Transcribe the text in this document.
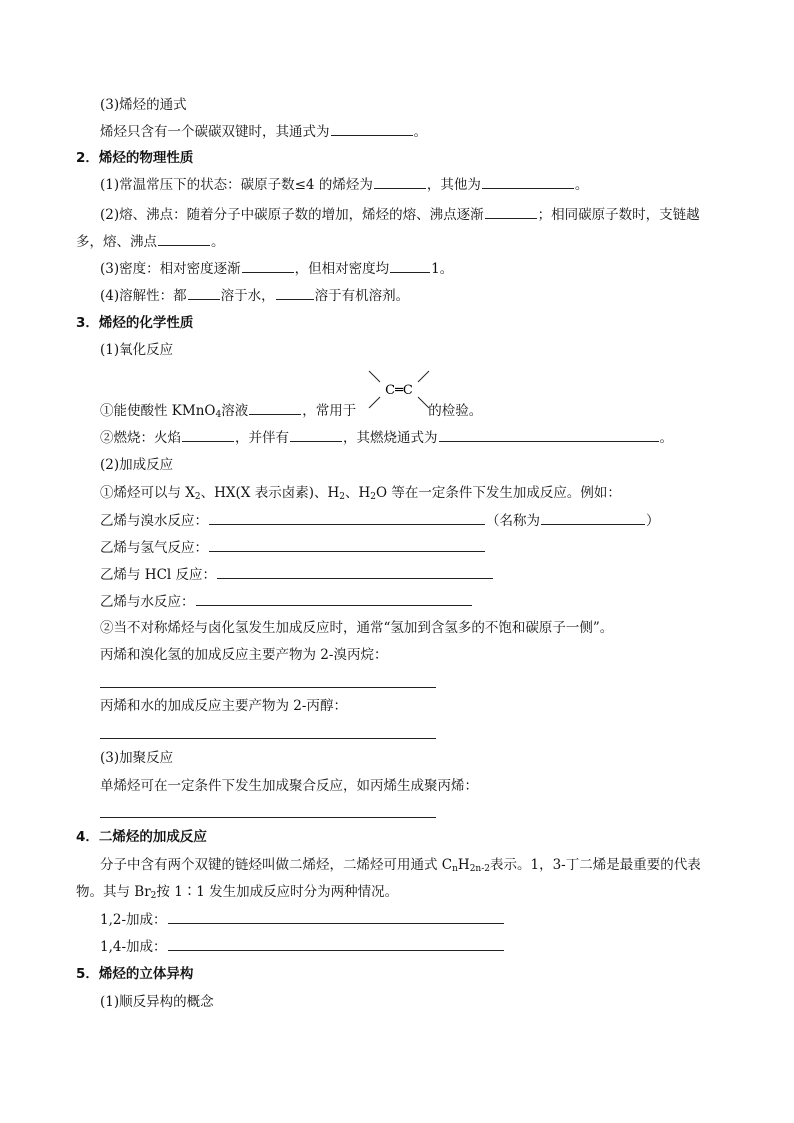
(3)烯烃的通式
烯烃只含有一个碳碳双键时，其通式为	。
2．烯烃的物理性质
(1)常温常压下的状态：碳原子数≤4 的烯烃为	，其他为	。
(2)熔、沸点：随着分子中碳原子数的增加，烯烃的熔、沸点逐渐	；相同碳原子数时，支链越
多，熔、沸点	。
(3)密度：相对密度逐渐	，但相对密度均	1。
(4)溶解性：都	溶于水，	溶于有机溶剂。
3．烯烃的化学性质
(1)氧化反应
C═C
①能使酸性 KMnO$_4$溶液	，常用于	的检验。
②燃烧：火焰	，并伴有	，其燃烧通式为	。
(2)加成反应
①烯烃可以与 $X_2$、HX(X 表示卤素)、$H_2$、$H_2O$ 等在一定条件下发生加成反应。例如：
乙烯与溴水反应：	（名称为	）
乙烯与氢气反应：
乙烯与 HCl 反应：
乙烯与水反应：
②当不对称烯烃与卤化氢发生加成反应时，通常“氢加到含氢多的不饱和碳原子一侧”。
丙烯和溴化氢的加成反应主要产物为 2-溴丙烷：
丙烯和水的加成反应主要产物为 2-丙醇：
(3)加聚反应
单烯烃可在一定条件下发生加成聚合反应，如丙烯生成聚丙烯：
4．二烯烃的加成反应
分子中含有两个双键的链烃叫做二烯烃，二烯烃可用通式 $C_nH_{2n-2}$表示。1，3-丁二烯是最重要的代表
物。其与 $Br_2$按 1∶1 发生加成反应时分为两种情况。
1,2-加成：
1,4-加成：
5．烯烃的立体异构
(1)顺反异构的概念
